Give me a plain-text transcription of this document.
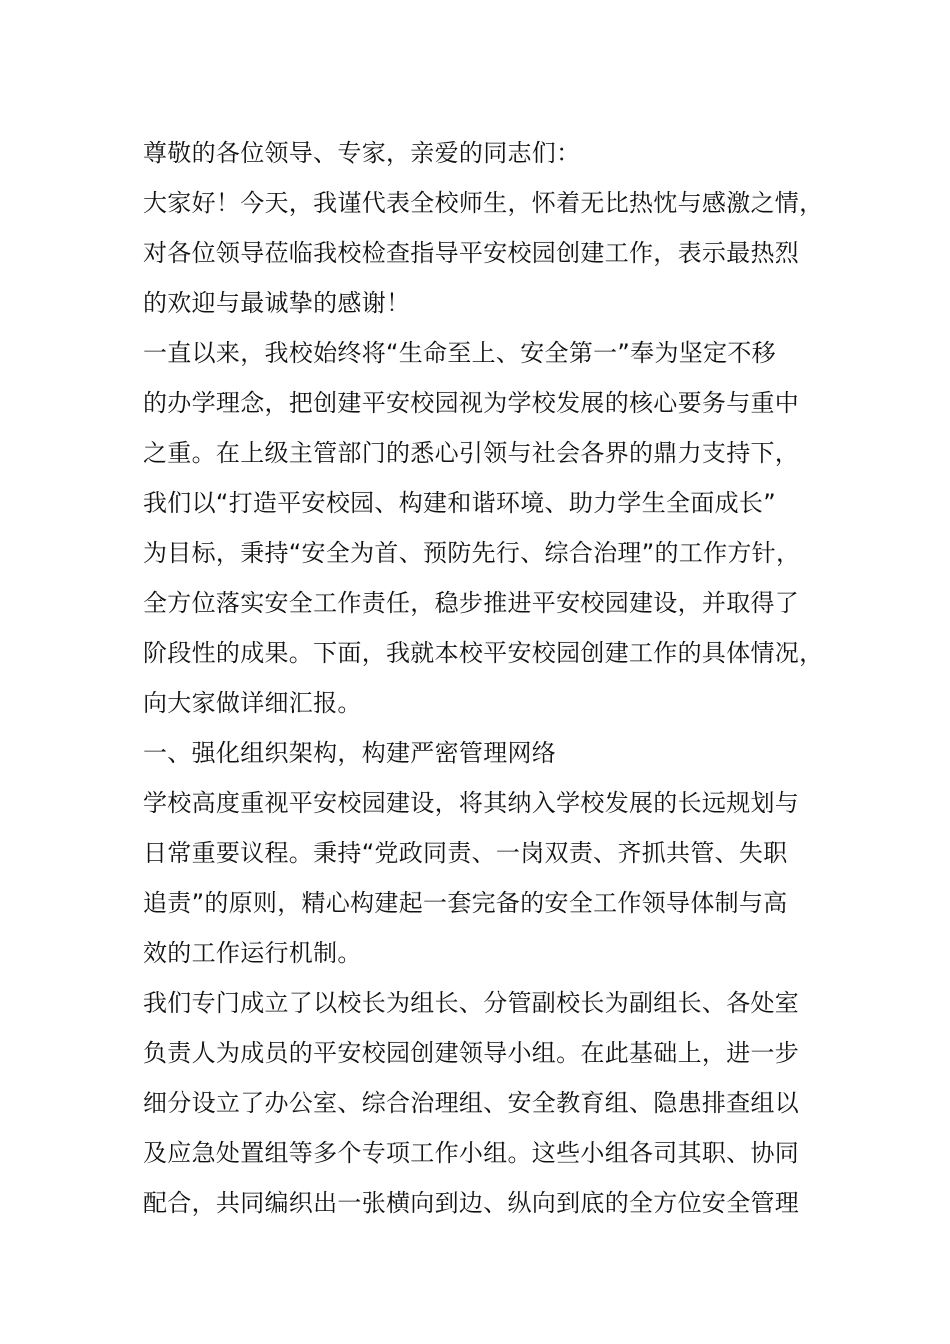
尊敬的各位领导、专家，亲爱的同志们：
大家好！今天，我谨代表全校师生，怀着无比热忱与感激之情，
对各位领导莅临我校检查指导平安校园创建工作，表示最热烈
的欢迎与最诚挚的感谢！
一直以来，我校始终将“生命至上、安全第一”奉为坚定不移
的办学理念，把创建平安校园视为学校发展的核心要务与重中
之重。在上级主管部门的悉心引领与社会各界的鼎力支持下，
我们以“打造平安校园、构建和谐环境、助力学生全面成长”
为目标，秉持“安全为首、预防先行、综合治理”的工作方针，
全方位落实安全工作责任，稳步推进平安校园建设，并取得了
阶段性的成果。下面，我就本校平安校园创建工作的具体情况，
向大家做详细汇报。
一、强化组织架构，构建严密管理网络
学校高度重视平安校园建设，将其纳入学校发展的长远规划与
日常重要议程。秉持“党政同责、一岗双责、齐抓共管、失职
追责”的原则，精心构建起一套完备的安全工作领导体制与高
效的工作运行机制。
我们专门成立了以校长为组长、分管副校长为副组长、各处室
负责人为成员的平安校园创建领导小组。在此基础上，进一步
细分设立了办公室、综合治理组、安全教育组、隐患排查组以
及应急处置组等多个专项工作小组。这些小组各司其职、协同
配合，共同编织出一张横向到边、纵向到底的全方位安全管理
